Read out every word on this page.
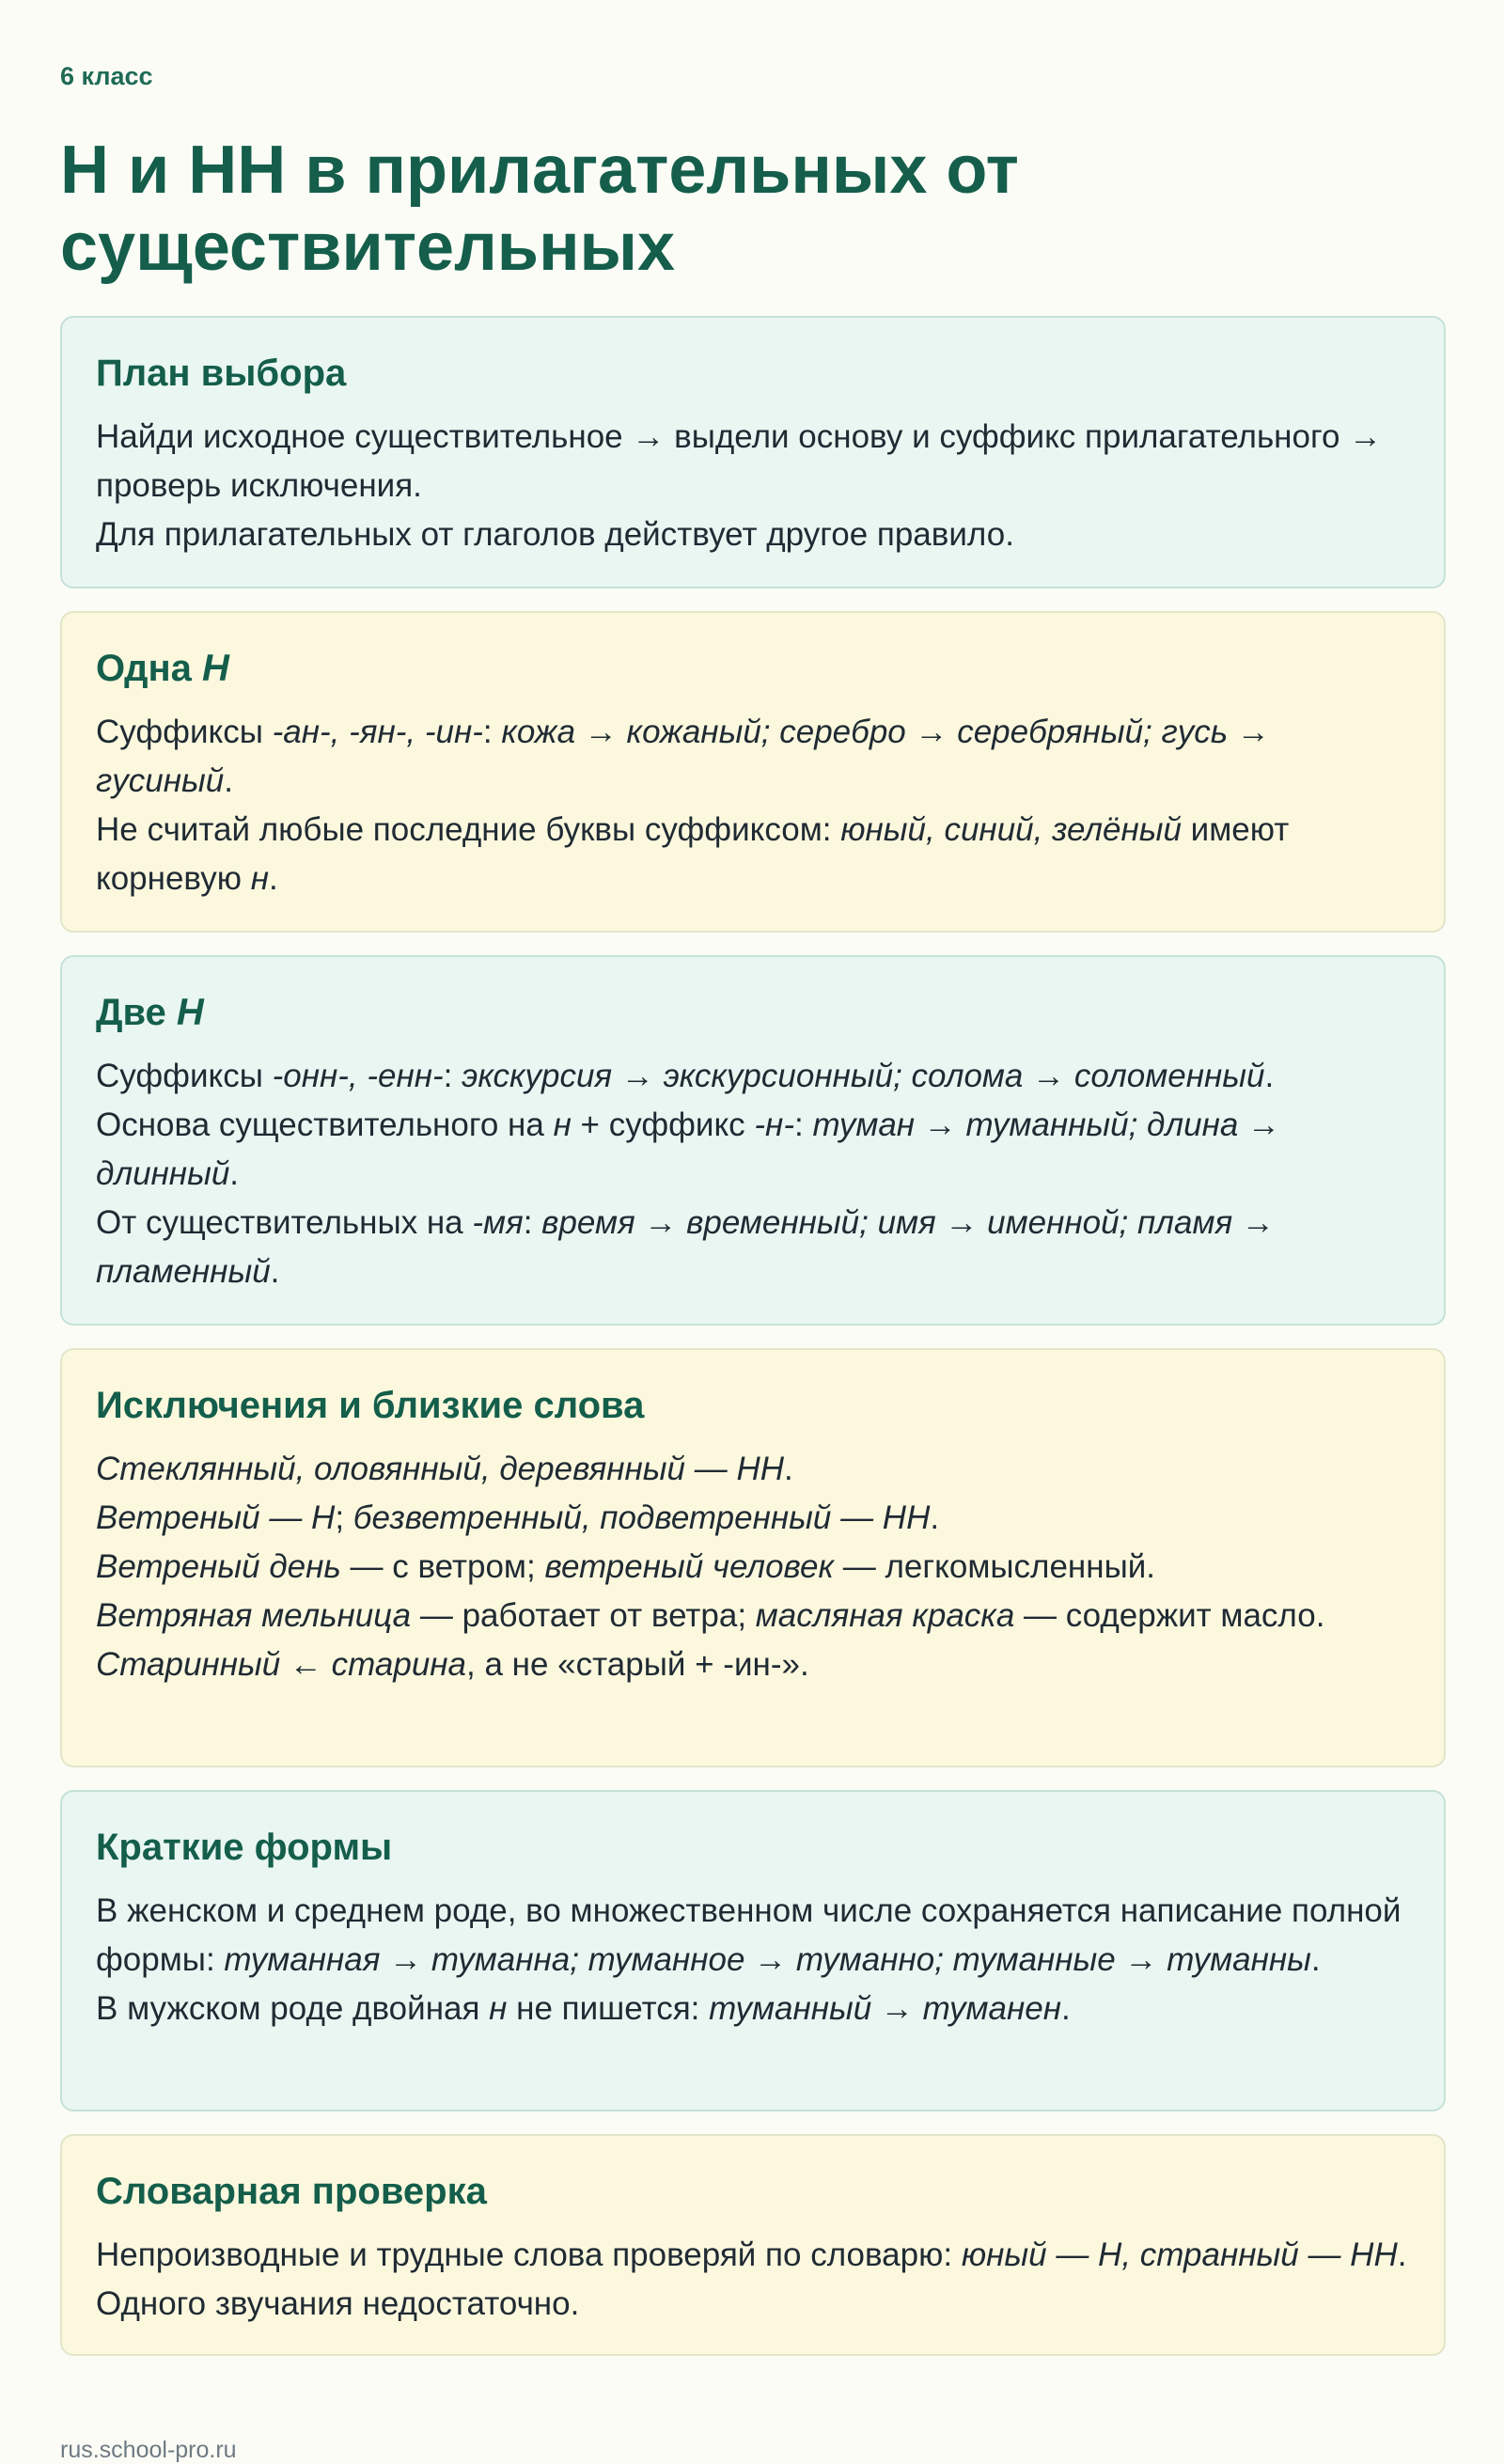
6 класс
Н и НН в прилагательных от существительных
План выбора

Найди исходное существительное → выдели основу и суффикс прилагательного → проверь исключения.

Для прилагательных от глаголов действует другое правило.

Одна Н

Суффиксы -ан-, -ян-, -ин-: кожа → кожаный; серебро → серебряный; гусь → гусиный.

Не считай любые последние буквы суффиксом: юный, синий, зелёный имеют корневую н.

Две Н

Суффиксы -онн-, -енн-: экскурсия → экскурсионный; солома → соломенный.

Основа существительного на н + суффикс -н-: туман → туманный; длина → длинный.

От существительных на -мя: время → временный; имя → именной; пламя → пламенный.

Исключения и близкие слова

Стеклянный, оловянный, деревянный — НН.

Ветреный — Н; безветренный, подветренный — НН.

Ветреный день — с ветром; ветреный человек — легкомысленный.

Ветряная мельница — работает от ветра; масляная краска — содержит масло.

Старинный ← старина, а не «старый + -ин-».

Краткие формы

В женском и среднем роде, во множественном числе сохраняется написание полной формы: туманная → туманна; туманное → туманно; туманные → туманны.

В мужском роде двойная н не пишется: туманный → туманен.

Словарная проверка

Непроизводные и трудные слова проверяй по словарю: юный — Н, странный — НН. Одного звучания недостаточно.

rus.school-pro.ru
